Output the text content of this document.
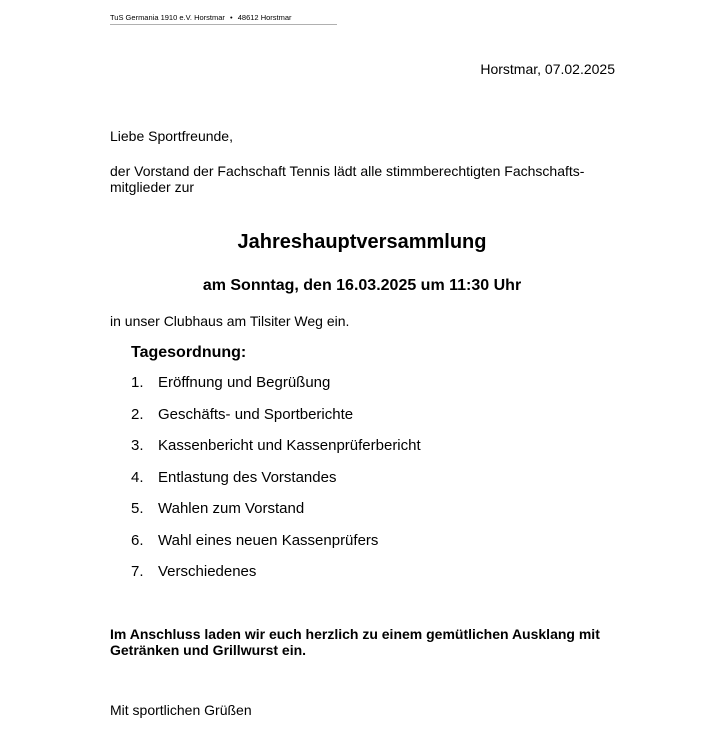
TuS Germania 1910 e.V. Horstmar • 48612 Horstmar
Horstmar, 07.02.2025
Liebe Sportfreunde,
der Vorstand der Fachschaft Tennis lädt alle stimmberechtigten Fachschafts-mitglieder zur
Jahreshauptversammlung
am Sonntag, den 16.03.2025 um 11:30 Uhr
in unser Clubhaus am Tilsiter Weg ein.
Tagesordnung:
1. Eröffnung und Begrüßung
2. Geschäfts- und Sportberichte
3. Kassenbericht und Kassenprüferbericht
4. Entlastung des Vorstandes
5. Wahlen zum Vorstand
6. Wahl eines neuen Kassenprüfers
7. Verschiedenes
Im Anschluss laden wir euch herzlich zu einem gemütlichen Ausklang mit Getränken und Grillwurst ein.
Mit sportlichen Grüßen
